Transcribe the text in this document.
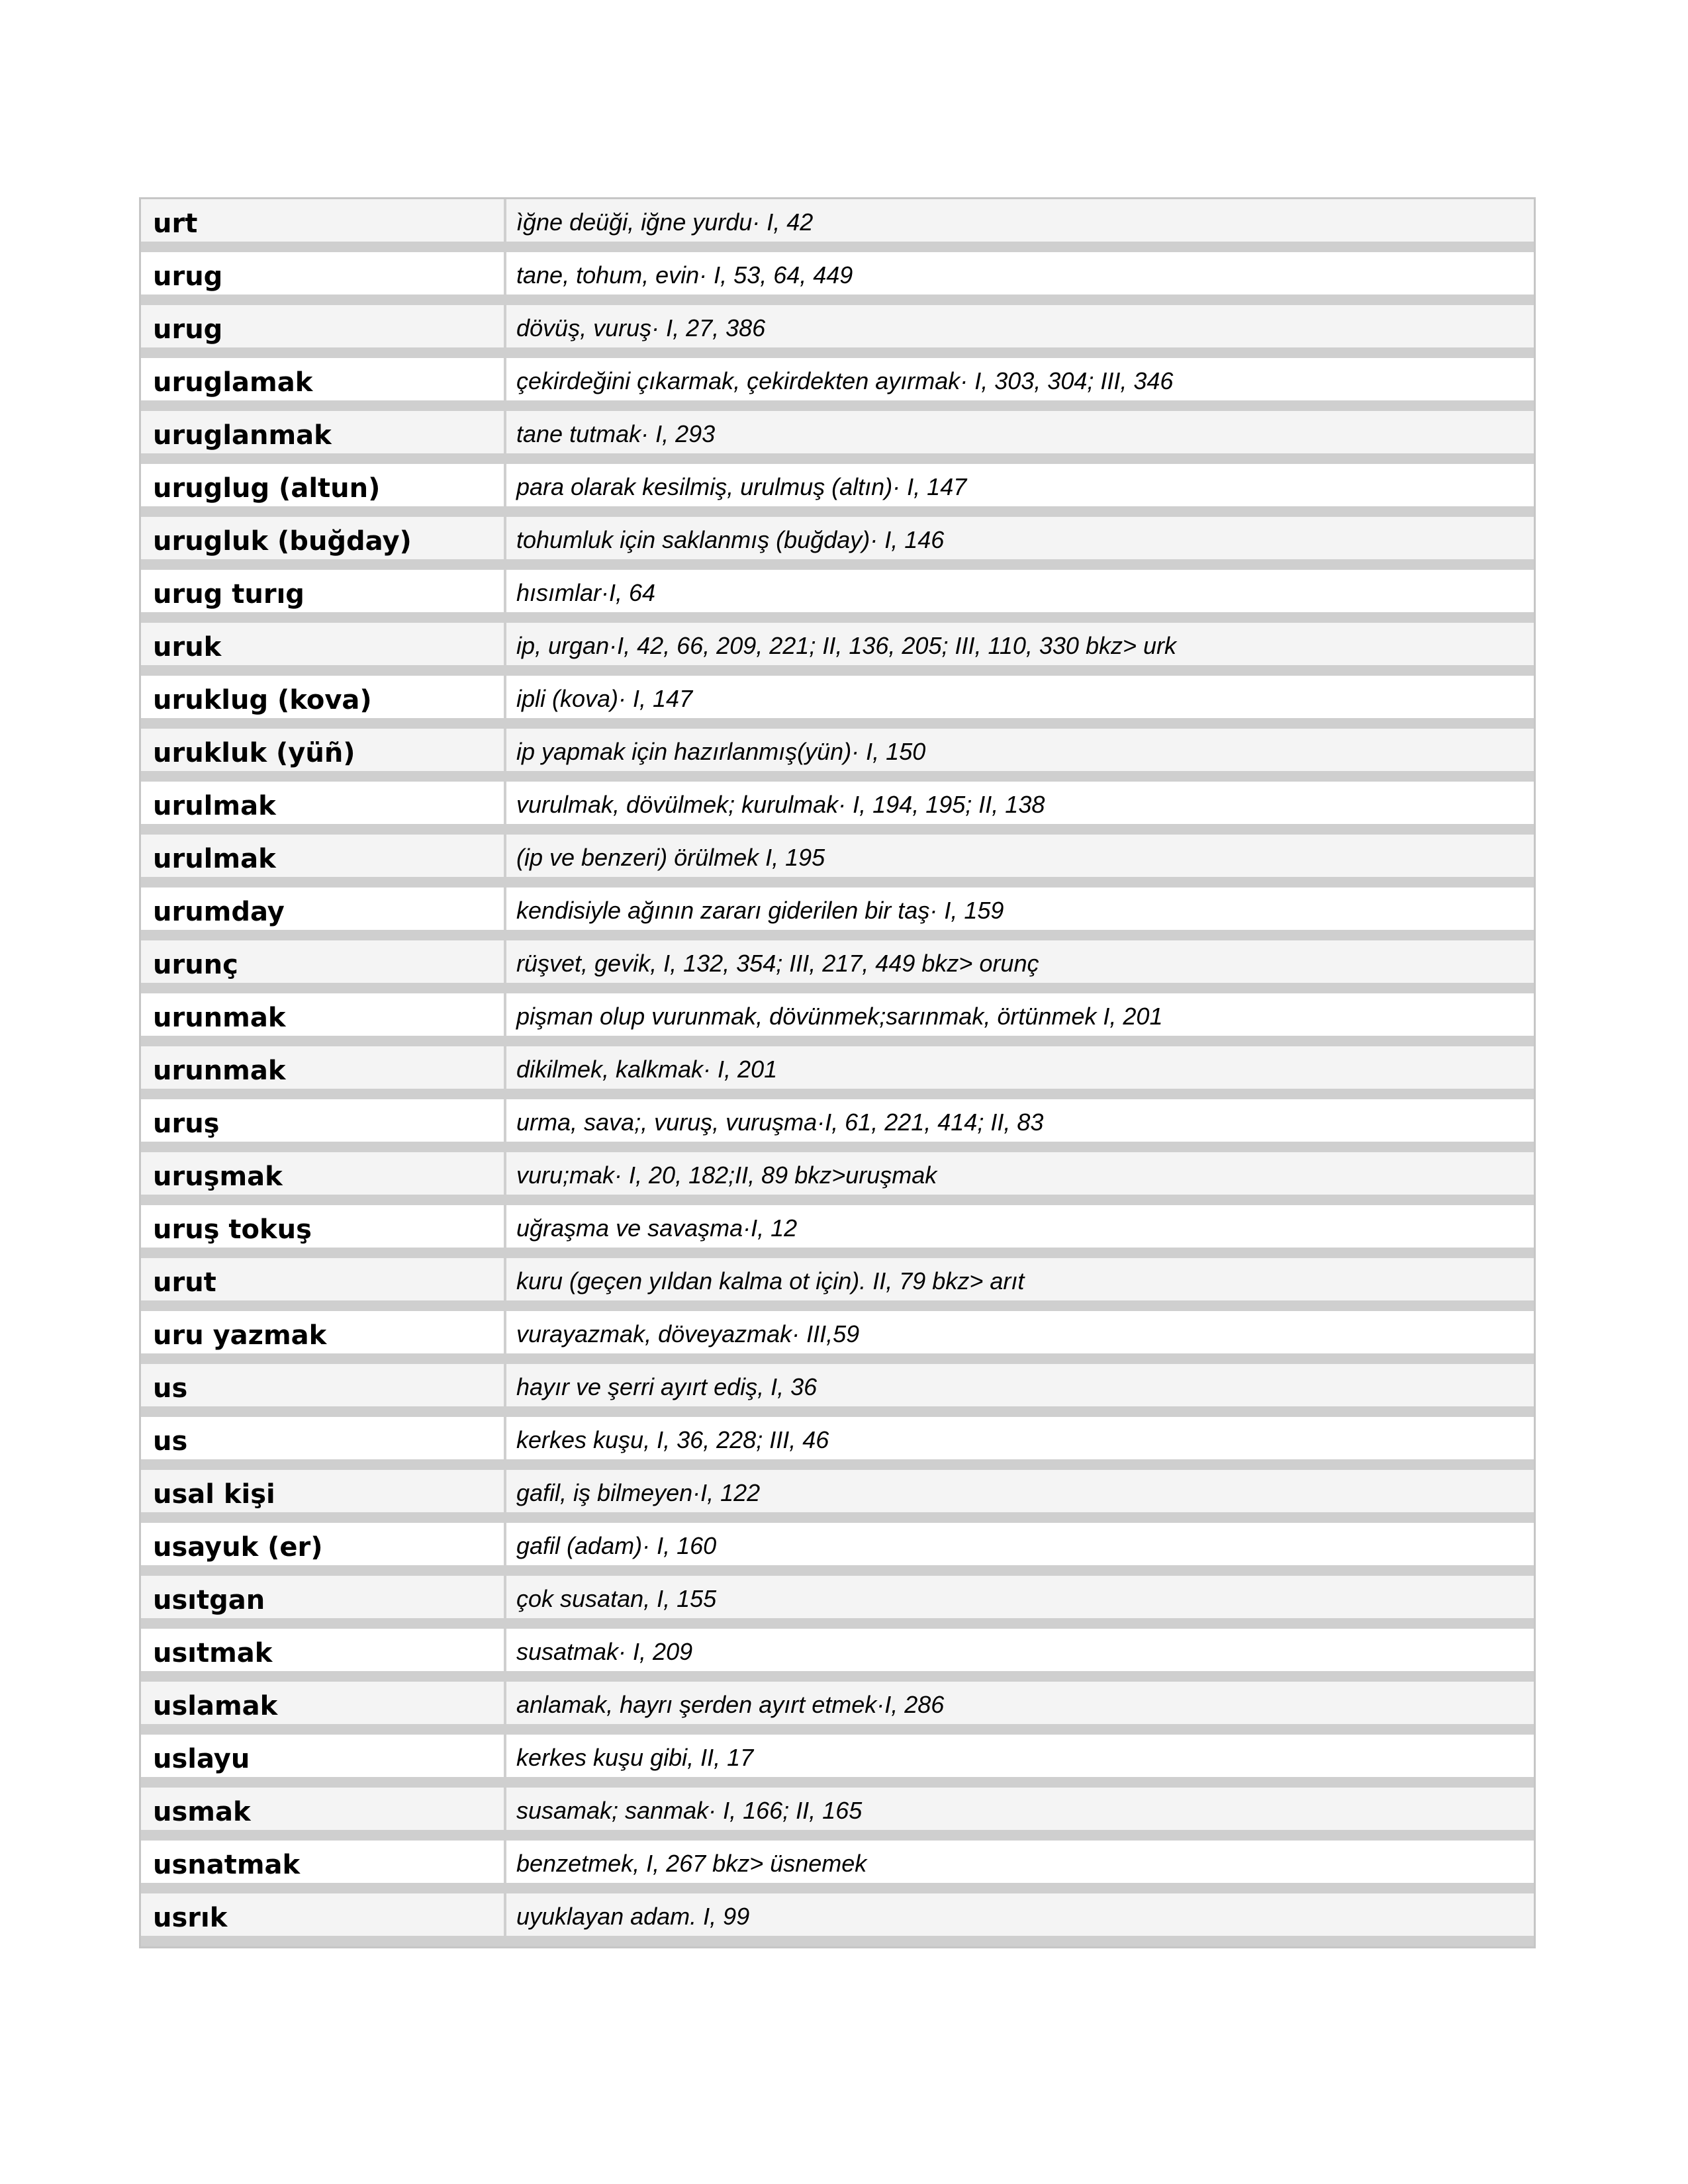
urt	ìğne deüği, iğne yurdu· I, 42
urug	tane, tohum, evin· I, 53, 64, 449
urug	dövüş, vuruş· I, 27, 386
uruglamak	çekirdeğini çıkarmak, çekirdekten ayırmak· I, 303, 304; III, 346
uruglanmak	tane tutmak· I, 293
uruglug (altun)	para olarak kesilmiş, urulmuş (altın)· I, 147
urugluk (buğday)	tohumluk için saklanmış (buğday)· I, 146
urug turıg	hısımlar·I, 64
uruk	ip, urgan·I, 42, 66, 209, 221; II, 136, 205; III, 110, 330 bkz> urk
uruklug (kova)	ipli (kova)· I, 147
urukluk (yüñ)	ip yapmak için hazırlanmış(yün)· I, 150
urulmak	vurulmak, dövülmek; kurulmak· I, 194, 195; II, 138
urulmak	(ip ve benzeri) örülmek I, 195
urumday	kendisiyle ağının zararı giderilen bir taş· I, 159
urunç	rüşvet, gevik, I, 132, 354; III, 217, 449 bkz> orunç
urunmak	pişman olup vurunmak, dövünmek;sarınmak, örtünmek I, 201
urunmak	dikilmek, kalkmak· I, 201
uruş	urma, sava;, vuruş, vuruşma·I, 61, 221, 414; II, 83
uruşmak	vuru;mak· I, 20, 182;II, 89 bkz>uruşmak
uruş tokuş	uğraşma ve savaşma·I, 12
urut	kuru (geçen yıldan kalma ot için). II, 79 bkz> arıt
uru yazmak	vurayazmak, döveyazmak· III,59
us	hayır ve şerri ayırt ediş, I, 36
us	kerkes kuşu, I, 36, 228; III, 46
usal kişi	gafil, iş bilmeyen·I, 122
usayuk (er)	gafil (adam)· I, 160
usıtgan	çok susatan, I, 155
usıtmak	susatmak· I, 209
uslamak	anlamak, hayrı şerden ayırt etmek·I, 286
uslayu	kerkes kuşu gibi, II, 17
usmak	susamak; sanmak· I, 166; II, 165
usnatmak	benzetmek, I, 267 bkz> üsnemek
usrık	uyuklayan adam. I, 99
